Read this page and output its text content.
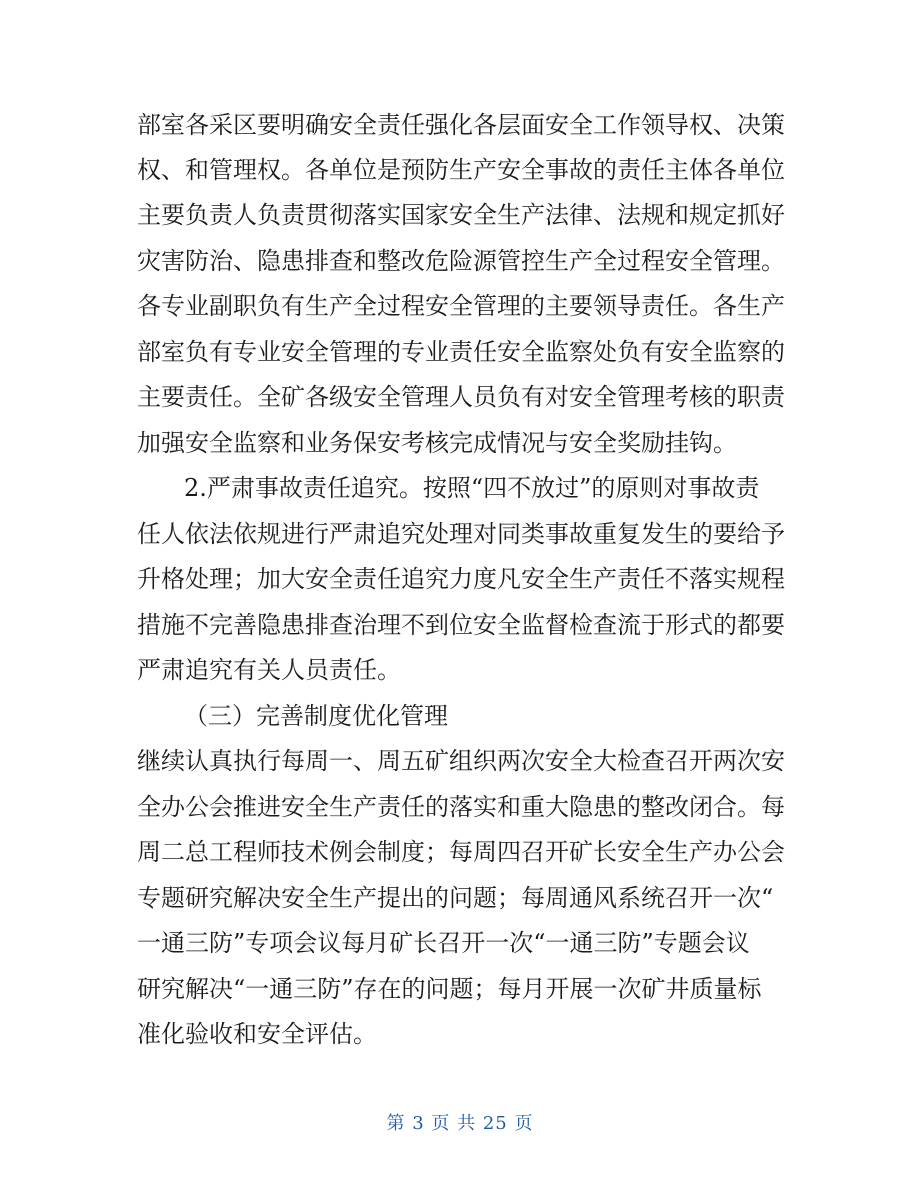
部室各采区要明确安全责任强化各层面安全工作领导权、决策
权、和管理权。各单位是预防生产安全事故的责任主体各单位
主要负责人负责贯彻落实国家安全生产法律、法规和规定抓好
灾害防治、隐患排查和整改危险源管控生产全过程安全管理。
各专业副职负有生产全过程安全管理的主要领导责任。各生产
部室负有专业安全管理的专业责任安全监察处负有安全监察的
主要责任。全矿各级安全管理人员负有对安全管理考核的职责
加强安全监察和业务保安考核完成情况与安全奖励挂钩。
2.严肃事故责任追究。按照“四不放过”的原则对事故责
任人依法依规进行严肃追究处理对同类事故重复发生的要给予
升格处理；加大安全责任追究力度凡安全生产责任不落实规程
措施不完善隐患排查治理不到位安全监督检查流于形式的都要
严肃追究有关人员责任。
（三）完善制度优化管理
继续认真执行每周一、周五矿组织两次安全大检查召开两次安
全办公会推进安全生产责任的落实和重大隐患的整改闭合。每
周二总工程师技术例会制度；每周四召开矿长安全生产办公会
专题研究解决安全生产提出的问题；每周通风系统召开一次“
一通三防”专项会议每月矿长召开一次“一通三防”专题会议
研究解决“一通三防”存在的问题；每月开展一次矿井质量标
准化验收和安全评估。
第 3 页 共 25 页
